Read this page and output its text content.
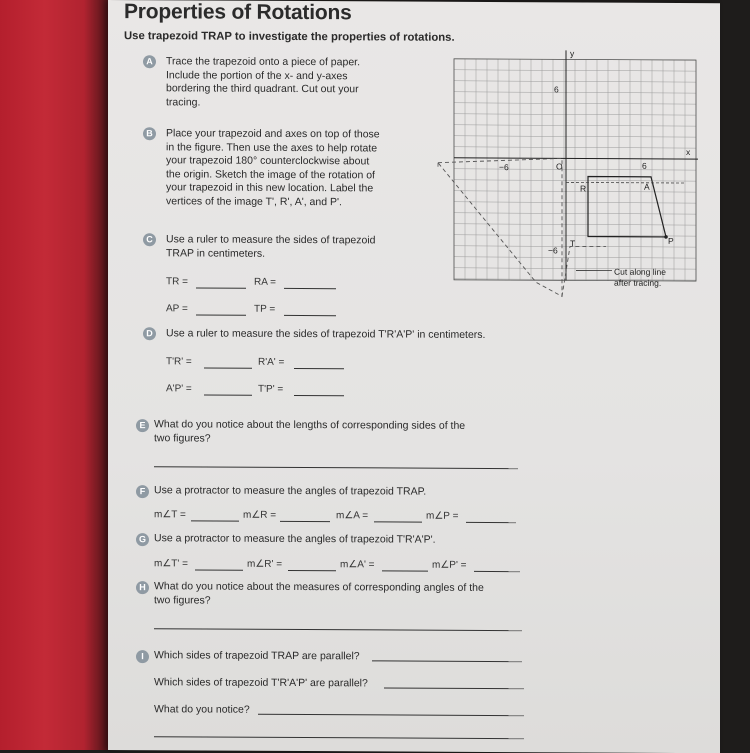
Properties of Rotations
Use trapezoid TRAP to investigate the properties of rotations.
A	Trace the trapezoid onto a piece of paper.
Include the portion of the x- and y-axes
bordering the third quadrant. Cut out your
tracing.
B	Place your trapezoid and axes on top of those
in the figure. Then use the axes to help rotate
your trapezoid 180° counterclockwise about
the origin. Sketch the image of the rotation of
your trapezoid in this new location. Label the
vertices of the image T', R', A', and P'.
C	Use a ruler to measure the sides of trapezoid
TRAP in centimeters.
TR =	RA =
AP =	TP =
D	Use a ruler to measure the sides of trapezoid T'R'A'P' in centimeters.
T'R' =	R'A' =
A'P' =	T'P' =
E What do you notice about the lengths of corresponding sides of the
two figures?
F Use a protractor to measure the angles of trapezoid TRAP.
m∠T =	m∠R =	m∠A =	m∠P =
G Use a protractor to measure the angles of trapezoid T'R'A'P'.
m∠T' =	m∠R' =	m∠A' =	m∠P' =
H What do you notice about the measures of corresponding angles of the
two figures?
I Which sides of trapezoid TRAP are parallel?
Which sides of trapezoid T'R'A'P' are parallel?
What do you notice?
y
x
O
6
−6	6
−6
T
R	A
P
Cut along line
after tracing.
